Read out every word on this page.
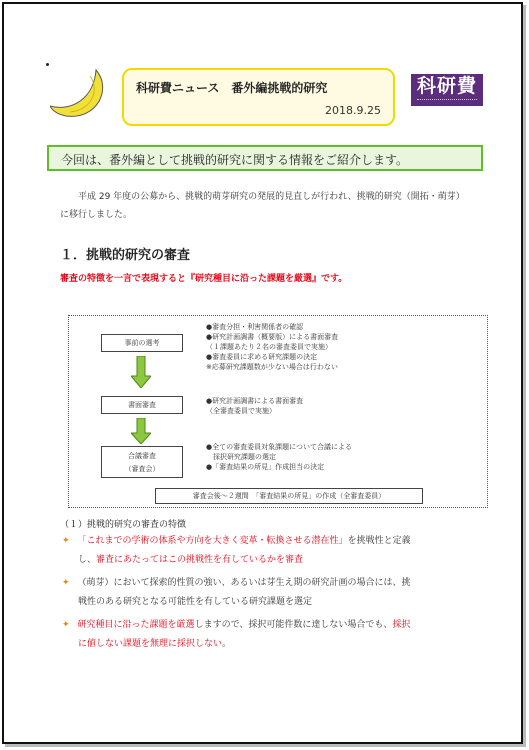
科研費ニュース　番外編挑戦的研究
2018.9.25
科研費
今回は、番外編として挑戦的研究に関する情報をご紹介します。
平成 29 年度の公募から、挑戦的萌芽研究の発展的見直しが行われ、挑戦的研究（開拓・萌芽）に移行しました。
１．挑戦的研究の審査
審査の特徴を一言で表現すると『研究種目に沿った課題を厳選』です。
事前の選考
●審査分担・利害関係者の確認
●研究計画調書（概要版）による書面審査
（１課題あたり２名の審査委員で実施）
●審査委員に求める研究課題の決定
※応募研究課題数が少ない場合は行わない
書面審査	●研究計画調書による書面審査
（全審査委員で実施）
合議審査
（審査会）
●全ての審査委員対象課題について合議による
　採択研究課題の選定
●「審査結果の所見」作成担当の決定
審査会後～２週間　「審査結果の所見」の作成（全審査委員）
（１）挑戦的研究の審査の特徴
✦ 「これまでの学術の体系や方向を大きく変革・転換させる潜在性」を挑戦性と定義
し、審査にあたってはこの挑戦性を有しているかを審査
✦ （萌芽）において探索的性質の強い、あるいは芽生え期の研究計画の場合には、挑
戦性のある研究となる可能性を有している研究課題を選定
✦ 研究種目に沿った課題を厳選しますので、採択可能件数に達しない場合でも、採択
に値しない課題を無理に採択しない。
